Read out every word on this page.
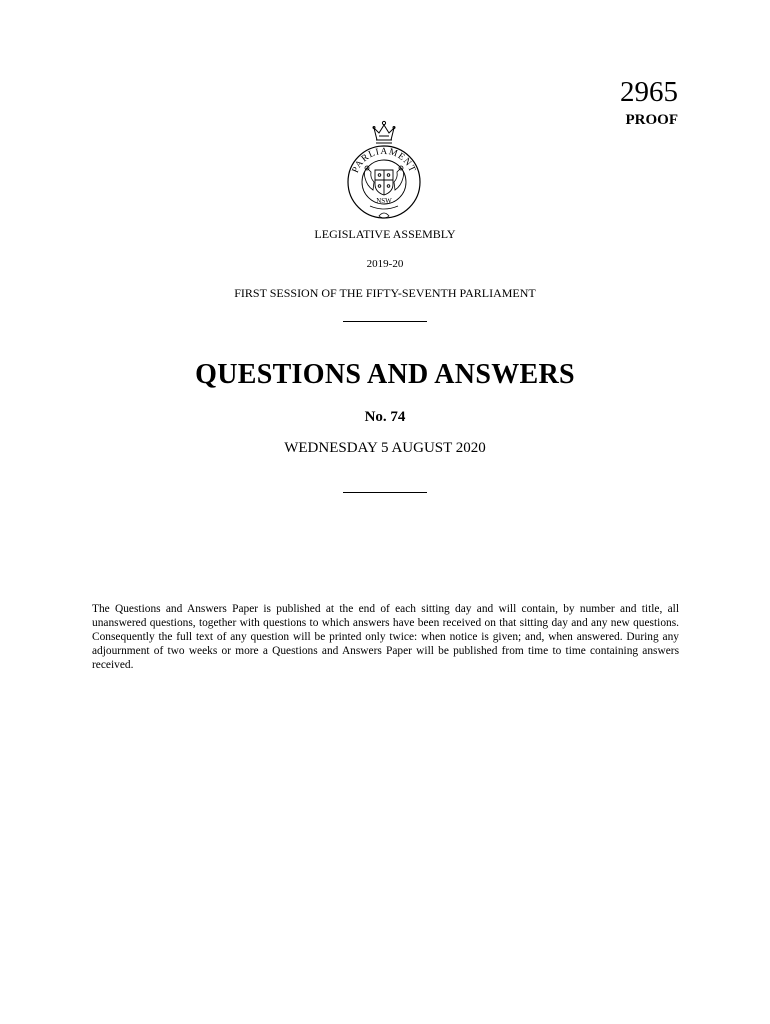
2965
PROOF
PARLIAMENT
NSW
LEGISLATIVE ASSEMBLY
2019-20
FIRST SESSION OF THE FIFTY-SEVENTH PARLIAMENT
QUESTIONS AND ANSWERS
No. 74
WEDNESDAY 5 AUGUST 2020

The Questions and Answers Paper is published at the end of each sitting day and will contain, by number and title, all unanswered questions, together with questions to which answers have been received on that sitting day and any new questions. Consequently the full text of any question will be printed only twice: when notice is given; and, when answered. During any adjournment of two weeks or more a Questions and Answers Paper will be published from time to time containing answers received.
